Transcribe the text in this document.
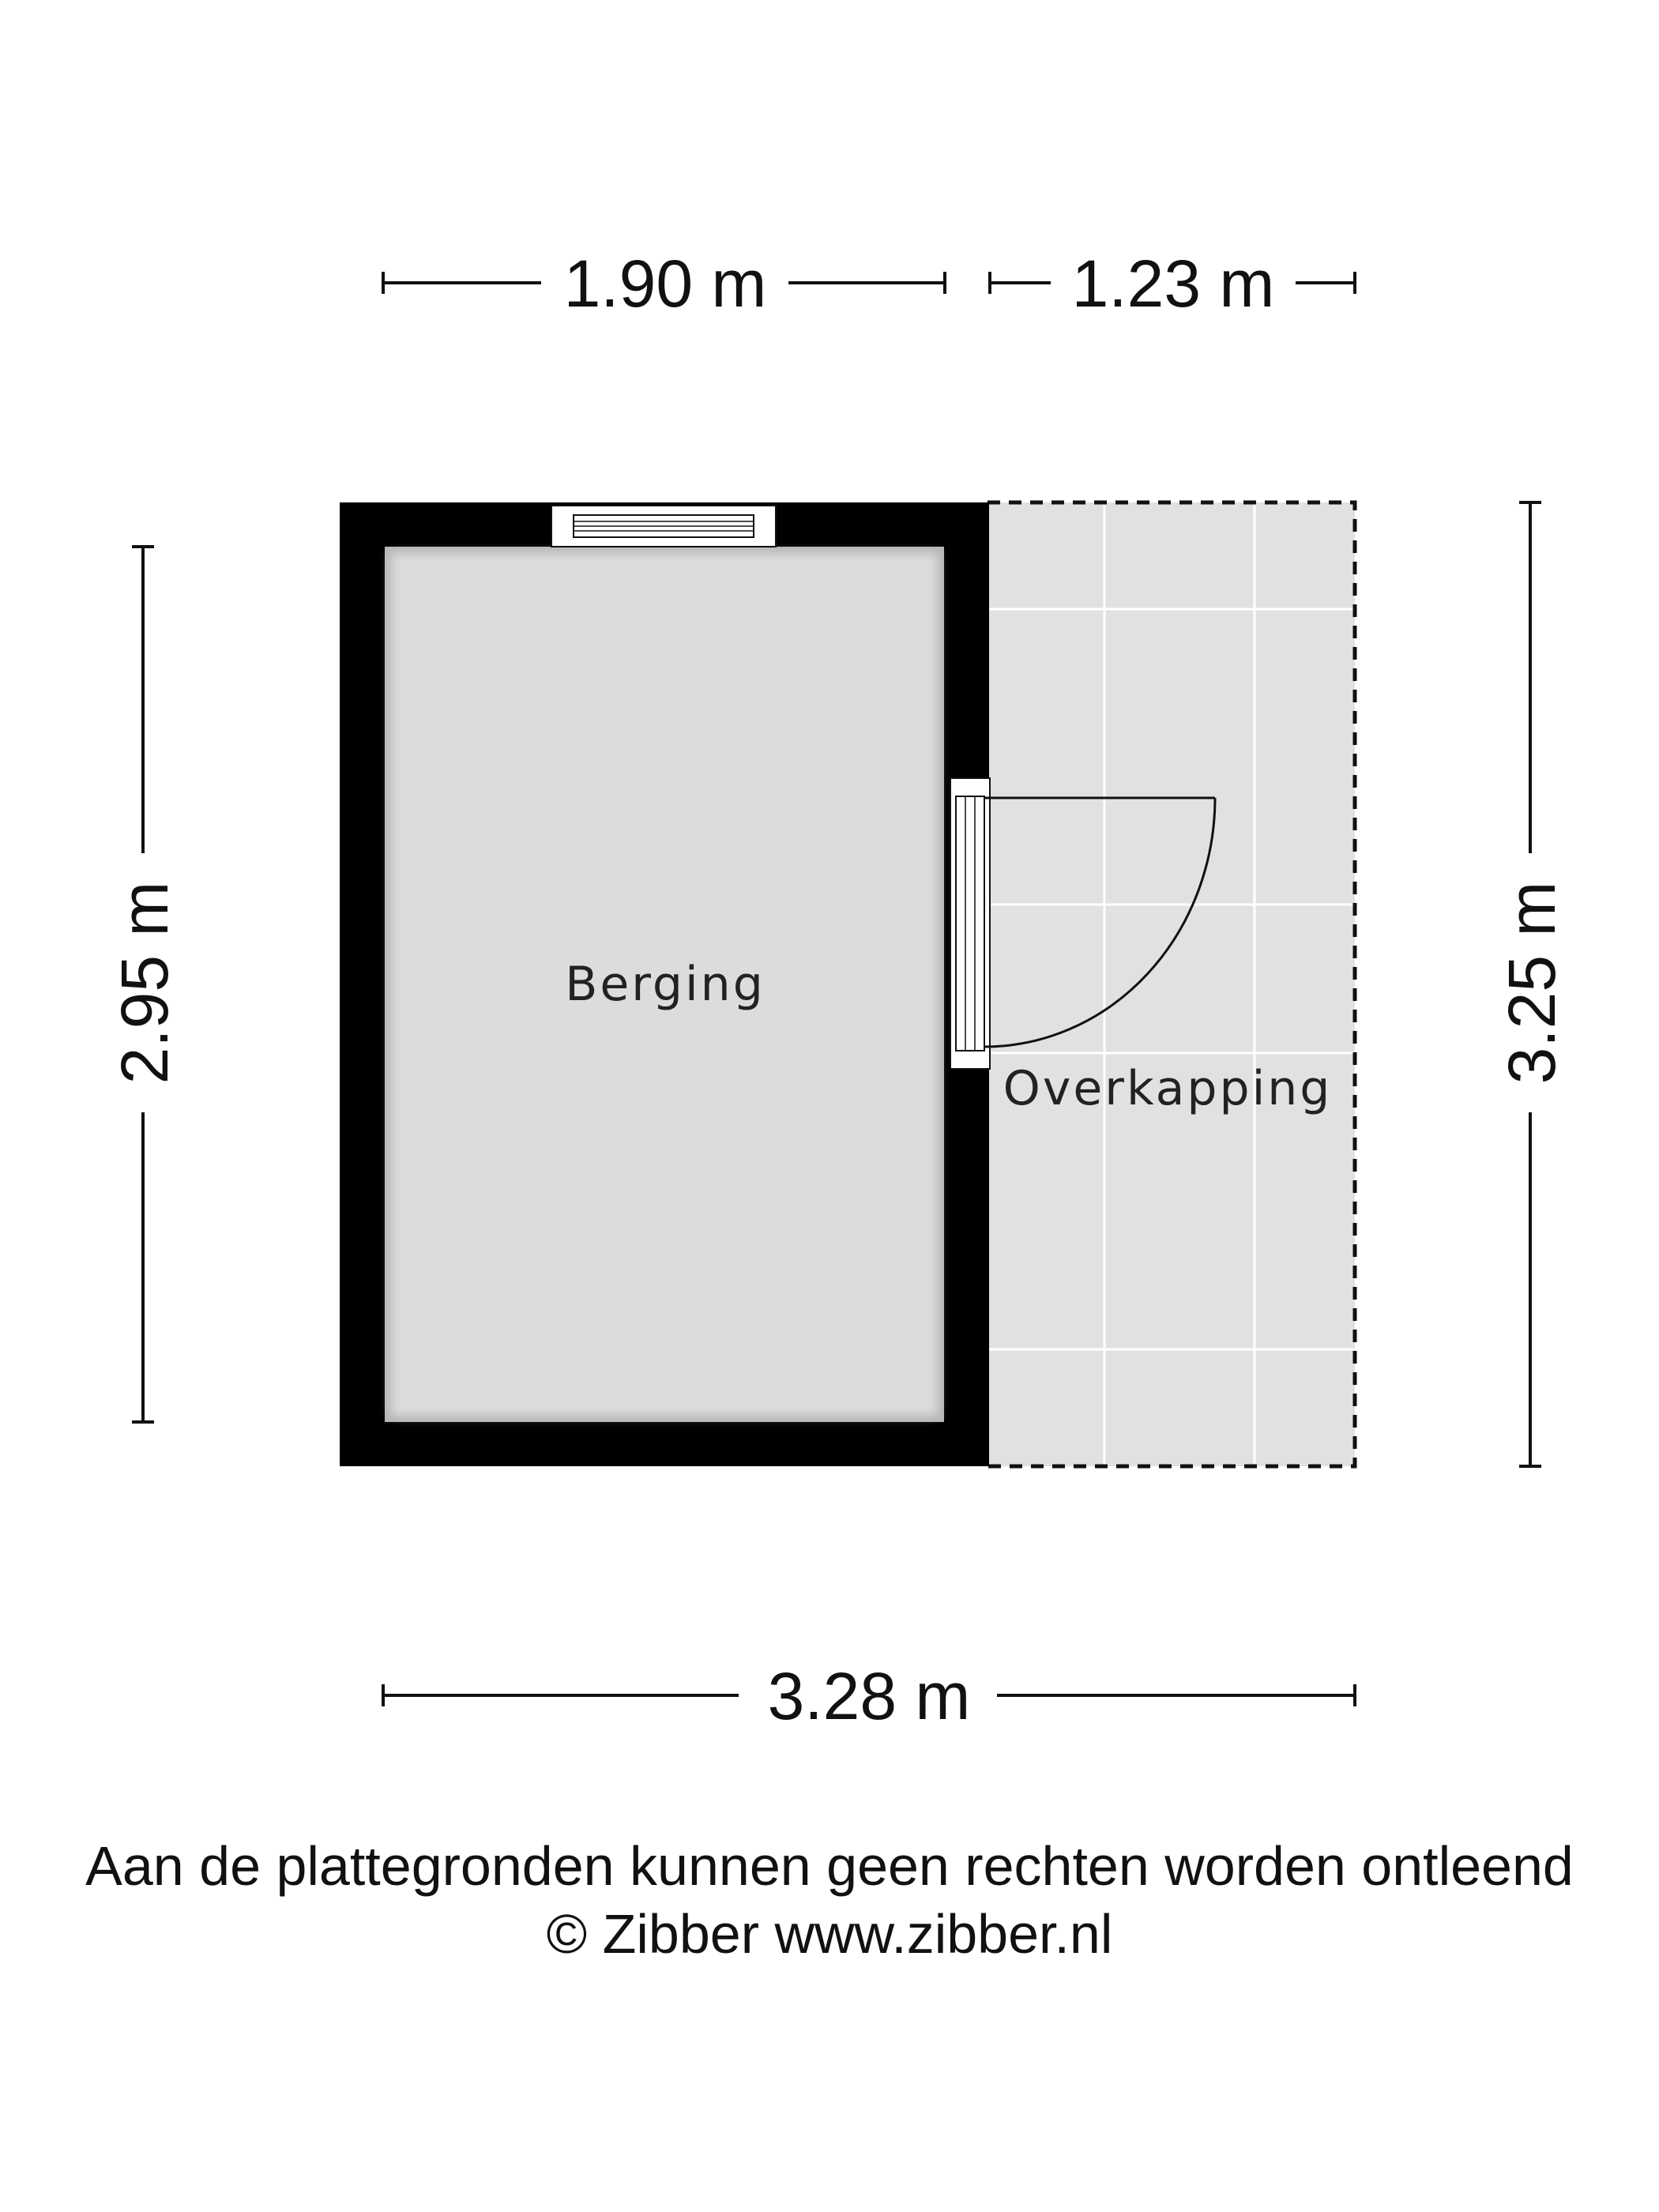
Berging
Overkapping
1.90 m	1.23 m
2.95 m	3.25 m
3.28 m

Aan de plattegronden kunnen geen rechten worden ontleend

© Zibber www.zibber.nl
